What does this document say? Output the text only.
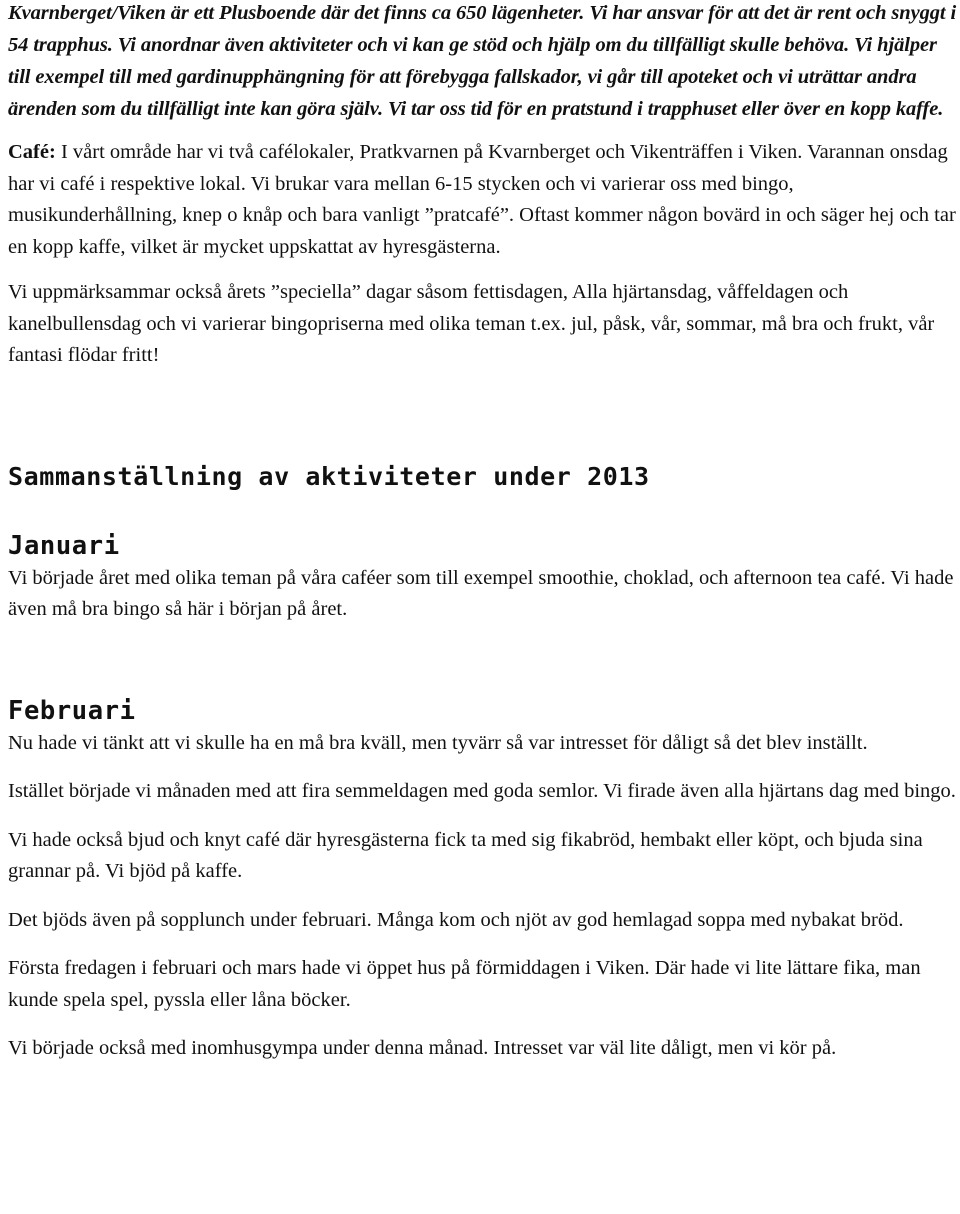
Kvarnberget/Viken är ett Plusboende där det finns ca 650 lägenheter. Vi har ansvar för att det är rent och snyggt i 54 trapphus. Vi anordnar även aktiviteter och vi kan ge stöd och hjälp om du tillfälligt skulle behöva. Vi hjälper till exempel till med gardinupphängning för att förebygga fallskador, vi går till apoteket och vi uträttar andra ärenden som du tillfälligt inte kan göra själv. Vi tar oss tid för en pratstund i trapphuset eller över en kopp kaffe.

Café: I vårt område har vi två cafélokaler, Pratkvarnen på Kvarnberget och Vikenträffen i Viken. Varannan onsdag har vi café i respektive lokal. Vi brukar vara mellan 6-15 stycken och vi varierar oss med bingo, musikunderhållning, knep o knåp och bara vanligt ”pratcafé”. Oftast kommer någon bovärd in och säger hej och tar en kopp kaffe, vilket är mycket uppskattat av hyresgästerna.

Vi uppmärksammar också årets ”speciella” dagar såsom fettisdagen, Alla hjärtansdag, våffeldagen och kanelbullensdag och vi varierar bingopriserna med olika teman t.ex. jul, påsk, vår, sommar, må bra och frukt, vår fantasi flödar fritt!

Sammanställning av aktiviteter under 2013
Januari

Vi började året med olika teman på våra caféer som till exempel smoothie, choklad, och afternoon tea café. Vi hade även må bra bingo så här i början på året.

Februari

Nu hade vi tänkt att vi skulle ha en må bra kväll, men tyvärr så var intresset för dåligt så det blev inställt.

Istället började vi månaden med att fira semmeldagen med goda semlor. Vi firade även alla hjärtans dag med bingo.

Vi hade också bjud och knyt café där hyresgästerna fick ta med sig fikabröd, hembakt eller köpt, och bjuda sina grannar på. Vi bjöd på kaffe.

Det bjöds även på sopplunch under februari. Många kom och njöt av god hemlagad soppa med nybakat bröd.

Första fredagen i februari och mars hade vi öppet hus på förmiddagen i Viken. Där hade vi lite lättare fika, man kunde spela spel, pyssla eller låna böcker.

Vi började också med inomhusgympa under denna månad. Intresset var väl lite dåligt, men vi kör på.
